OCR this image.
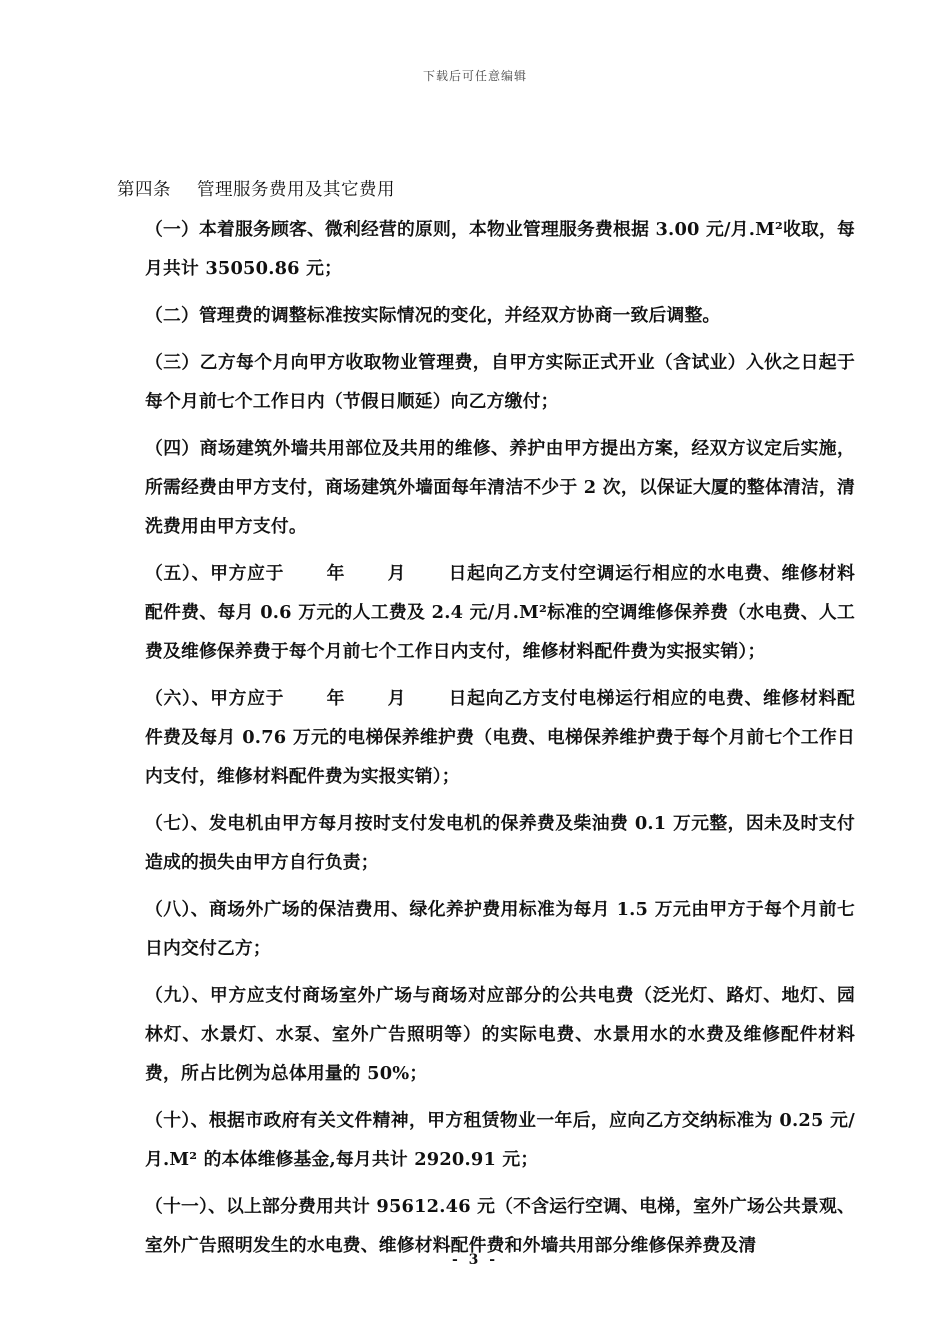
下载后可任意编辑
第四条 管理服务费用及其它费用

（一）本着服务顾客、微利经营的原则，本物业管理服务费根据 3.00 元/月.M²收取，每月共计 35050.86 元；

（二）管理费的调整标准按实际情况的变化，并经双方协商一致后调整。

（三）乙方每个月向甲方收取物业管理费，自甲方实际正式开业（含试业）入伙之日起于每个月前七个工作日内（节假日顺延）向乙方缴付；

（四）商场建筑外墙共用部位及共用的维修、养护由甲方提出方案，经双方议定后实施，所需经费由甲方支付，商场建筑外墙面每年清洁不少于 2 次，以保证大厦的整体清洁，清洗费用由甲方支付。

（五）、甲方应于 年 月 日起向乙方支付空调运行相应的水电费、维修材料配件费、每月 0.6 万元的人工费及 2.4 元/月.M²标准的空调维修保养费（水电费、人工费及维修保养费于每个月前七个工作日内支付，维修材料配件费为实报实销）；

（六）、甲方应于 年 月 日起向乙方支付电梯运行相应的电费、维修材料配件费及每月 0.76 万元的电梯保养维护费（电费、电梯保养维护费于每个月前七个工作日内支付，维修材料配件费为实报实销）；

（七）、发电机由甲方每月按时支付发电机的保养费及柴油费 0.1 万元整，因未及时支付造成的损失由甲方自行负责；

（八）、商场外广场的保洁费用、绿化养护费用标准为每月 1.5 万元由甲方于每个月前七日内交付乙方；

（九）、甲方应支付商场室外广场与商场对应部分的公共电费（泛光灯、路灯、地灯、园林灯、水景灯、水泵、室外广告照明等）的实际电费、水景用水的水费及维修配件材料费，所占比例为总体用量的 50%；

（十）、根据市政府有关文件精神，甲方租赁物业一年后，应向乙方交纳标准为 0.25 元/月.M² 的本体维修基金,每月共计 2920.91 元；

（十一）、以上部分费用共计 95612.46 元（不含运行空调、电梯，室外广场公共景观、室外广告照明发生的水电费、维修材料配件费和外墙共用部分维修保养费及清

- 3 -
